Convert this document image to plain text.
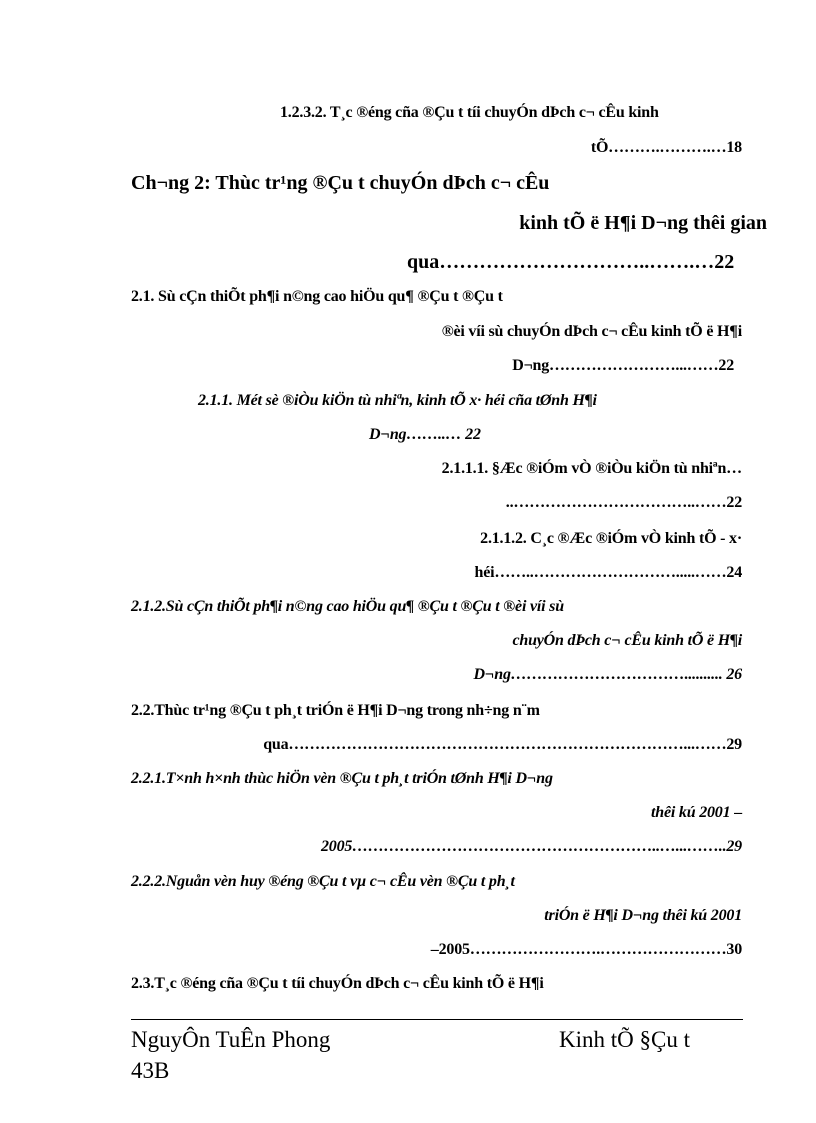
1.2.3.2. T¸c ®éng cña ®Çu t tíi chuyÓn dÞch c¬ cÊu kinh
tÕ……….……….…18
Ch¬ng 2: Thùc tr¹ng ®Çu t chuyÓn dÞch c¬ cÊu
kinh tÕ ë H¶i D¬ng thêi gian
qua…………………………..…….…22
2.1. Sù cÇn thiÕt ph¶i n©ng cao hiÖu qu¶ ®Çu t ®Çu t
®èi víi sù chuyÓn dÞch c¬ cÊu kinh tÕ ë H¶i
D¬ng……………………...……22
2.1.1. Mét sè ®iÒu kiÖn tù nhiªn, kinh tÕ x· héi cña tØnh H¶i
D¬ng……..… 22
2.1.1.1. §Æc ®iÓm vÒ ®iÒu kiÖn tù nhiªn…
..……………………………..……22
2.1.1.2. C¸c ®Æc ®iÓm vÒ kinh tÕ - x·
héi……..……………………….....……24
2.1.2.Sù cÇn thiÕt ph¶i n©ng cao hiÖu qu¶ ®Çu t ®Çu t ®èi víi sù
chuyÓn dÞch c¬ cÊu kinh tÕ ë H¶i
D¬ng…………………………….......... 26
2.2.Thùc tr¹ng ®Çu t ph¸t triÓn ë H¶i D¬ng trong nh÷ng n¨m
qua…………………………………………………………………...……29
2.2.1.T×nh h×nh thùc hiÖn vèn ®Çu t ph¸t triÓn tØnh H¶i D¬ng
thêi kú 2001 –
2005…………………………………………………..…...……..29
2.2.2.Nguån vèn huy ®éng ®Çu t vµ c¬ cÊu vèn ®Çu t ph¸t
triÓn ë H¶i D¬ng thêi kú 2001
–2005…………………….……………………30
2.3.T¸c ®éng cña ®Çu t tíi chuyÓn dÞch c¬ cÊu kinh tÕ ë H¶i
NguyÔn TuÊn Phong
43B
Kinh tÕ §Çu t
